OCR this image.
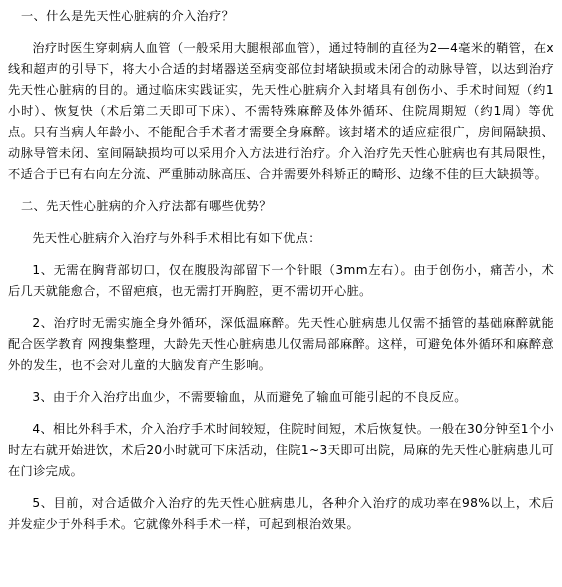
一、什么是先天性心脏病的介入治疗？

治疗时医生穿刺病人血管（一般采用大腿根部血管），通过特制的直径为2—4毫米的鞘管，在x线和超声的引导下，将大小合适的封堵器送至病变部位封堵缺损或未闭合的动脉导管，以达到治疗先天性心脏病的目的。通过临床实践证实，先天性心脏病介入封堵具有创伤小、手术时间短（约1小时）、恢复快（术后第二天即可下床）、不需特殊麻醉及体外循环、住院周期短（约1周）等优点。只有当病人年龄小、不能配合手术者才需要全身麻醉。该封堵术的适应症很广，房间隔缺损、动脉导管未闭、室间隔缺损均可以采用介入方法进行治疗。介入治疗先天性心脏病也有其局限性，不适合于已有右向左分流、严重肺动脉高压、合并需要外科矫正的畸形、边缘不佳的巨大缺损等。

二、先天性心脏病的介入疗法都有哪些优势？

先天性心脏病介入治疗与外科手术相比有如下优点：

1、无需在胸背部切口，仅在腹股沟部留下一个针眼（3mm左右）。由于创伤小，痛苦小，术后几天就能愈合，不留疤痕，也无需打开胸腔，更不需切开心脏。

2、治疗时无需实施全身外循环，深低温麻醉。先天性心脏病患儿仅需不插管的基础麻醉就能配合医学教育 网搜集整理，大龄先天性心脏病患儿仅需局部麻醉。这样，可避免体外循环和麻醉意外的发生，也不会对儿童的大脑发育产生影响。

3、由于介入治疗出血少，不需要输血，从而避免了输血可能引起的不良反应。

4、相比外科手术，介入治疗手术时间较短，住院时间短，术后恢复快。一般在30分钟至1个小时左右就开始进饮，术后20小时就可下床活动，住院1~3天即可出院，局麻的先天性心脏病患儿可在门诊完成。

5、目前，对合适做介入治疗的先天性心脏病患儿，各种介入治疗的成功率在98%以上，术后并发症少于外科手术。它就像外科手术一样，可起到根治效果。
